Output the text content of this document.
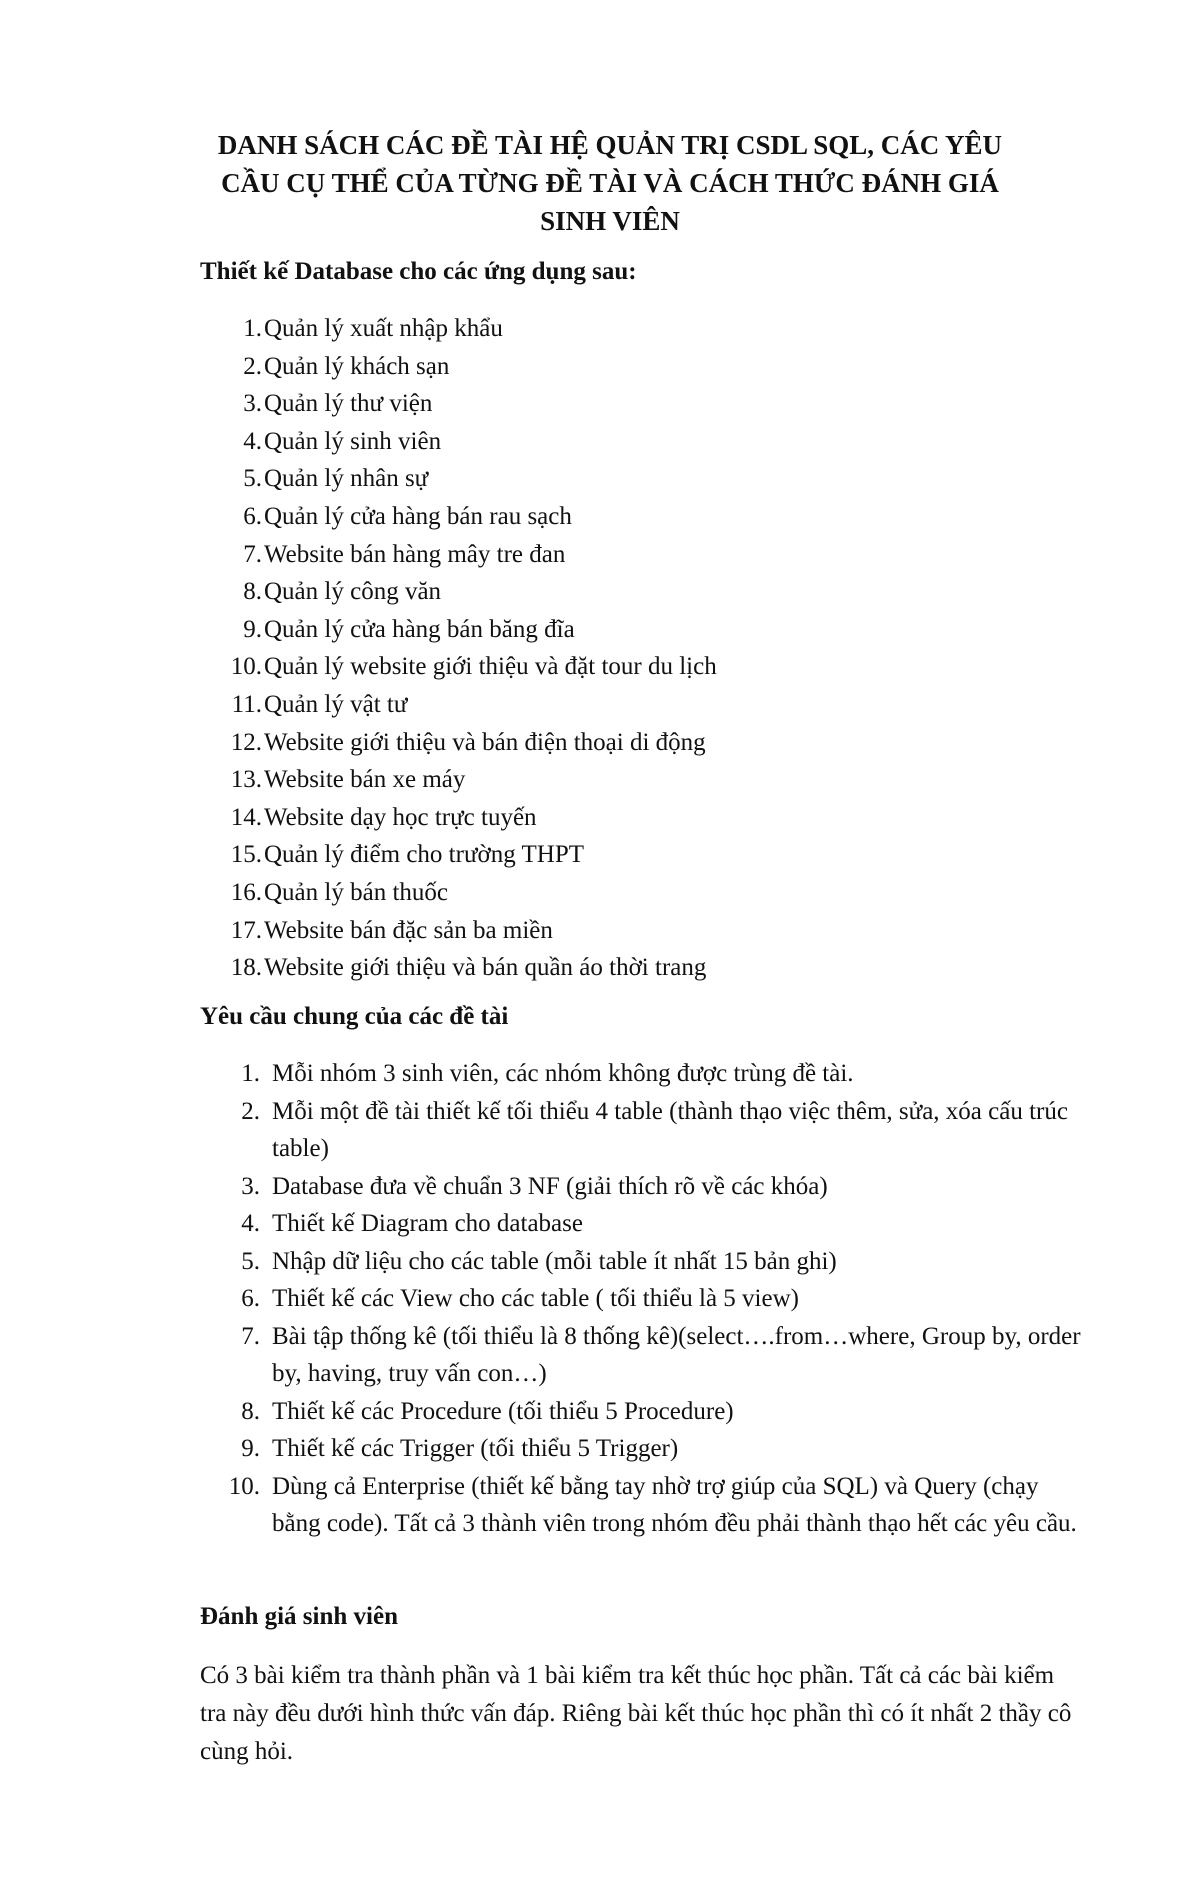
DANH SÁCH CÁC ĐỀ TÀI HỆ QUẢN TRỊ CSDL SQL, CÁC YÊU
CẦU CỤ THỂ CỦA TỪNG ĐỀ TÀI VÀ CÁCH THỨC ĐÁNH GIÁ
SINH VIÊN
Thiết kế Database cho các ứng dụng sau:
1. Quản lý xuất nhập khẩu
2. Quản lý khách sạn
3. Quản lý thư viện
4. Quản lý sinh viên
5. Quản lý nhân sự
6. Quản lý cửa hàng bán rau sạch
7. Website bán hàng mây tre đan
8. Quản lý công văn
9. Quản lý cửa hàng bán băng đĩa
10. Quản lý website giới thiệu và đặt tour du lịch
11. Quản lý vật tư
12. Website giới thiệu và bán điện thoại di động
13. Website bán xe máy
14. Website dạy học trực tuyến
15. Quản lý điểm cho trường THPT
16. Quản lý bán thuốc
17. Website bán đặc sản ba miền
18. Website giới thiệu và bán quần áo thời trang
Yêu cầu chung của các đề tài
1. Mỗi nhóm 3 sinh viên, các nhóm không được trùng đề tài.
2. Mỗi một đề tài thiết kế tối thiểu 4 table (thành thạo việc thêm, sửa, xóa cấu trúc table)
3. Database đưa về chuẩn 3 NF (giải thích rõ về các khóa)
4. Thiết kế Diagram cho database
5. Nhập dữ liệu cho các table (mỗi table ít nhất 15 bản ghi)
6. Thiết kế các View cho các table ( tối thiểu là 5 view)
7. Bài tập thống kê (tối thiểu là 8 thống kê)(select….from…where, Group by, order by, having, truy vấn con…)
8. Thiết kế các Procedure (tối thiểu 5 Procedure)
9. Thiết kế các Trigger (tối thiểu 5 Trigger)
10. Dùng cả Enterprise (thiết kế bằng tay nhờ trợ giúp của SQL) và Query (chạy bằng code). Tất cả 3 thành viên trong nhóm đều phải thành thạo hết các yêu cầu.
Đánh giá sinh viên

Có 3 bài kiểm tra thành phần và 1 bài kiểm tra kết thúc học phần. Tất cả các bài kiểm tra này đều dưới hình thức vấn đáp. Riêng bài kết thúc học phần thì có ít nhất 2 thầy cô cùng hỏi.
